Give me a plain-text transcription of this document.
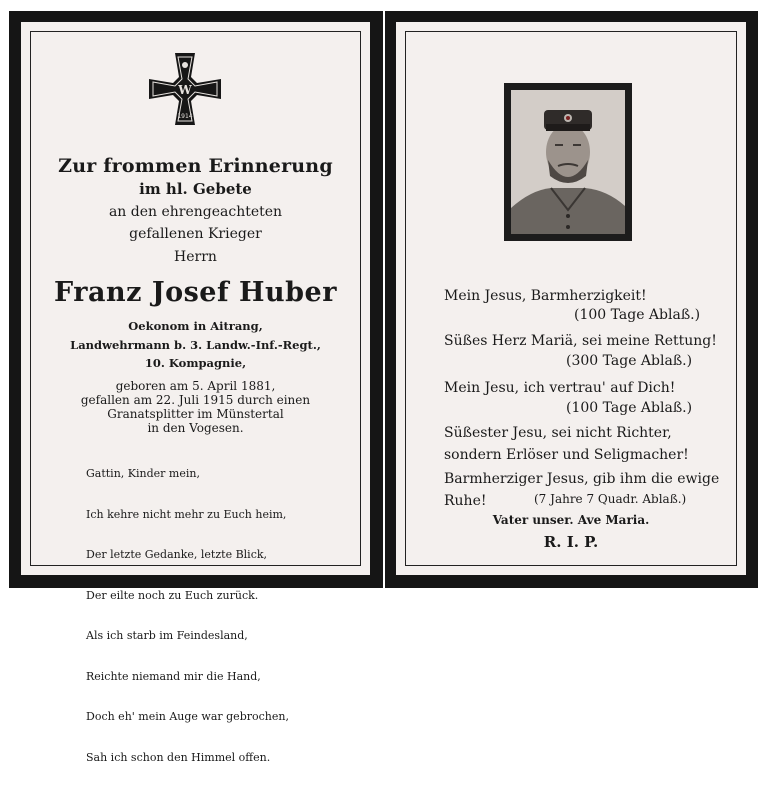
W
1914
Zur frommen Erinnerung
im hl. Gebete
an den ehrengeachteten
gefallenen Krieger
Herrn
Franz Josef Huber
Oekonom in Aitrang,
Landwehrmann b. 3. Landw.-Inf.-Regt.,
10. Kompagnie,
geboren am 5. April 1881,
gefallen am 22. Juli 1915 durch einen
Granatsplitter im Münstertal
in den Vogesen.

Gattin, Kinder mein,

Ich kehre nicht mehr zu Euch heim,

Der letzte Gedanke, letzte Blick,

Der eilte noch zu Euch zurück.

Als ich starb im Feindesland,

Reichte niemand mir die Hand,

Doch eh' mein Auge war gebrochen,

Sah ich schon den Himmel offen.

Mein Jesus, Barmherzigkeit!
(100 Tage Ablaß.)
Süßes Herz Mariä, sei meine Rettung!
(300 Tage Ablaß.)
Mein Jesu, ich vertrau' auf Dich!
(100 Tage Ablaß.)
Süßester Jesu, sei nicht Richter,
sondern Erlöser und Seligmacher!
Barmherziger Jesus, gib ihm die ewige
Ruhe!	(7 Jahre 7 Quadr. Ablaß.)
Vater unser. Ave Maria.
R. I. P.
